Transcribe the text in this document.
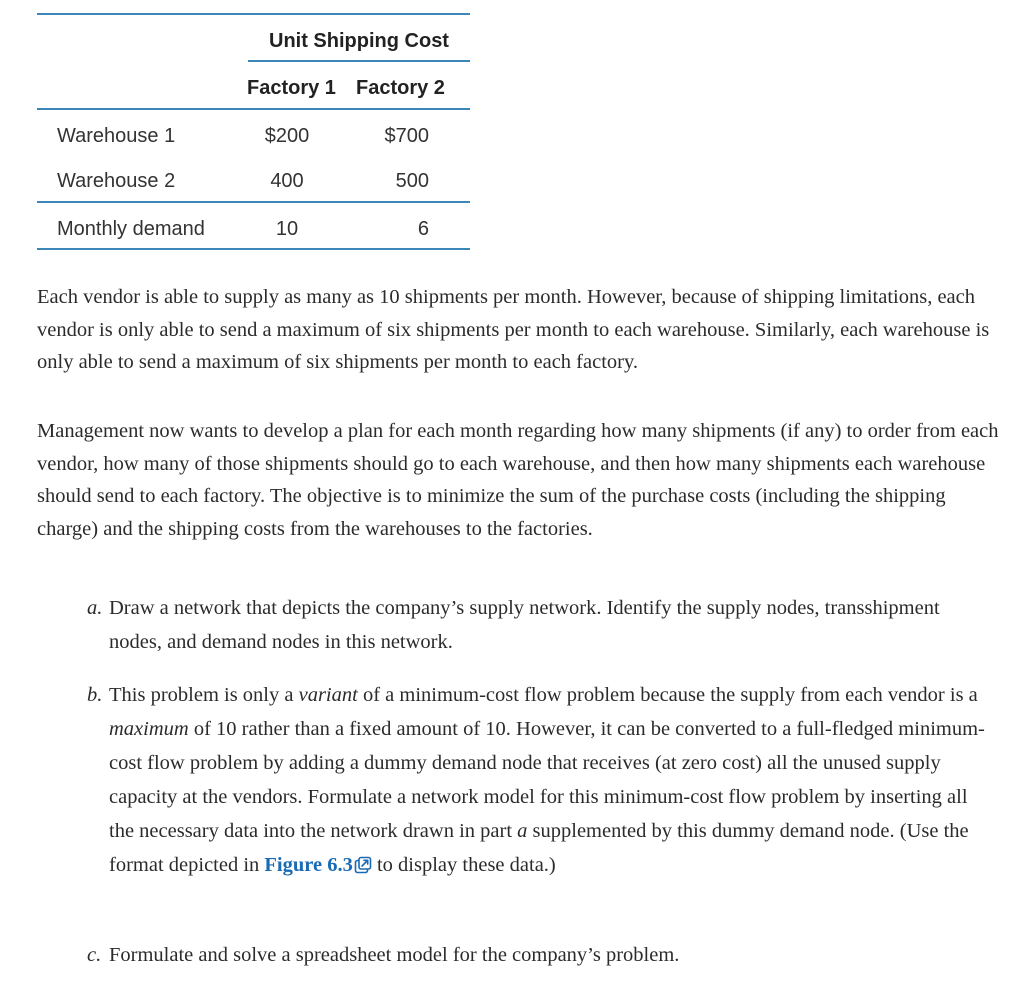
Unit Shipping Cost
Factory 1 Factory 2
Warehouse 1	$200	$700
Warehouse 2	400	500
Monthly demand	10	6

Each vendor is able to supply as many as 10 shipments per month. However, because of shipping limitations, each vendor is only able to send a maximum of six shipments per month to each warehouse. Similarly, each warehouse is only able to send a maximum of six shipments per month to each factory.

Management now wants to develop a plan for each month regarding how many shipments (if any) to order from each vendor, how many of those shipments should go to each warehouse, and then how many shipments each warehouse should send to each factory. The objective is to minimize the sum of the purchase costs (including the shipping charge) and the shipping costs from the warehouses to the factories.

a. Draw a network that depicts the company’s supply network. Identify the supply nodes, transshipment nodes, and demand nodes in this network.
b. This problem is only a variant of a minimum-cost flow problem because the supply from each vendor is a maximum of 10 rather than a fixed amount of 10. However, it can be converted to a full-fledged minimum-cost flow problem by adding a dummy demand node that receives (at zero cost) all the unused supply capacity at the vendors. Formulate a network model for this minimum-cost flow problem by inserting all the necessary data into the network drawn in part a supplemented by this dummy demand node. (Use the format depicted in Figure 6.3 to display these data.)
c. Formulate and solve a spreadsheet model for the company’s problem.
